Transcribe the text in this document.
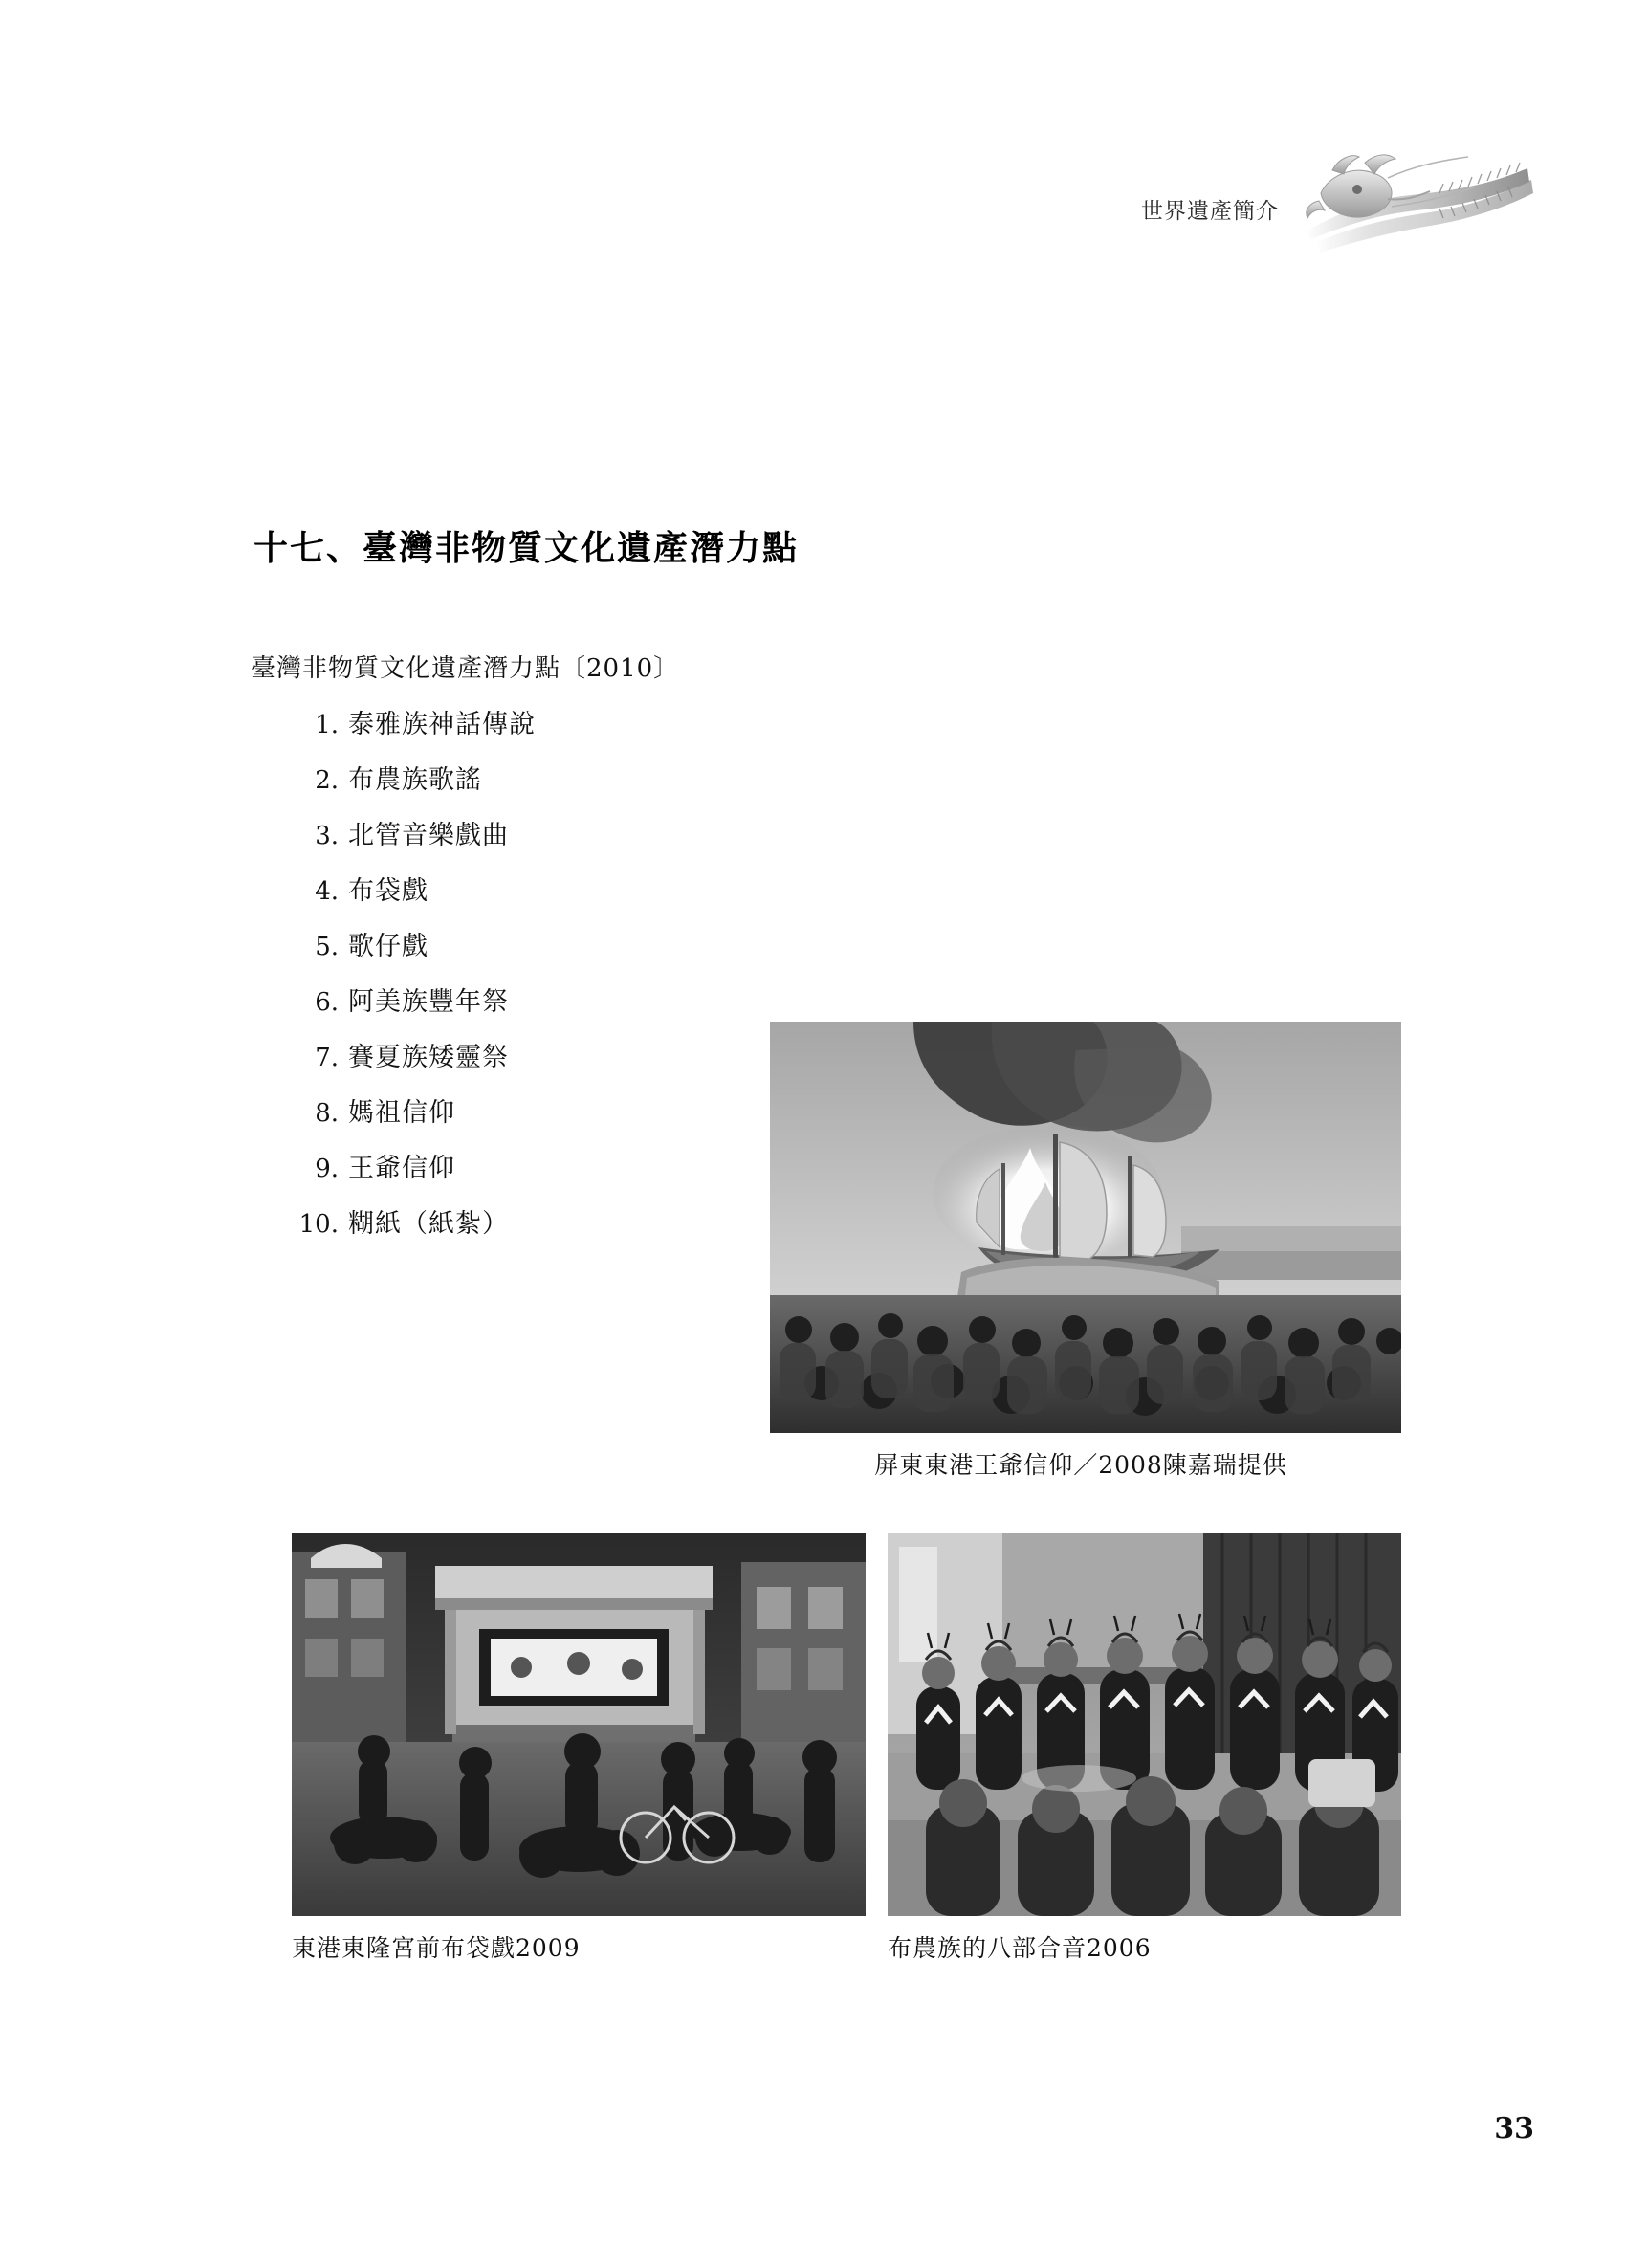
世界遺產簡介
十七、臺灣非物質文化遺產潛力點
臺灣非物質文化遺產潛力點〔2010〕
1. 泰雅族神話傳說
2. 布農族歌謠
3. 北管音樂戲曲
4. 布袋戲
5. 歌仔戲
6. 阿美族豐年祭
7. 賽夏族矮靈祭
8. 媽祖信仰
9. 王爺信仰
10. 糊紙（紙紮）
屏東東港王爺信仰／2008陳嘉瑞提供
東港東隆宮前布袋戲2009	布農族的八部合音2006
33
